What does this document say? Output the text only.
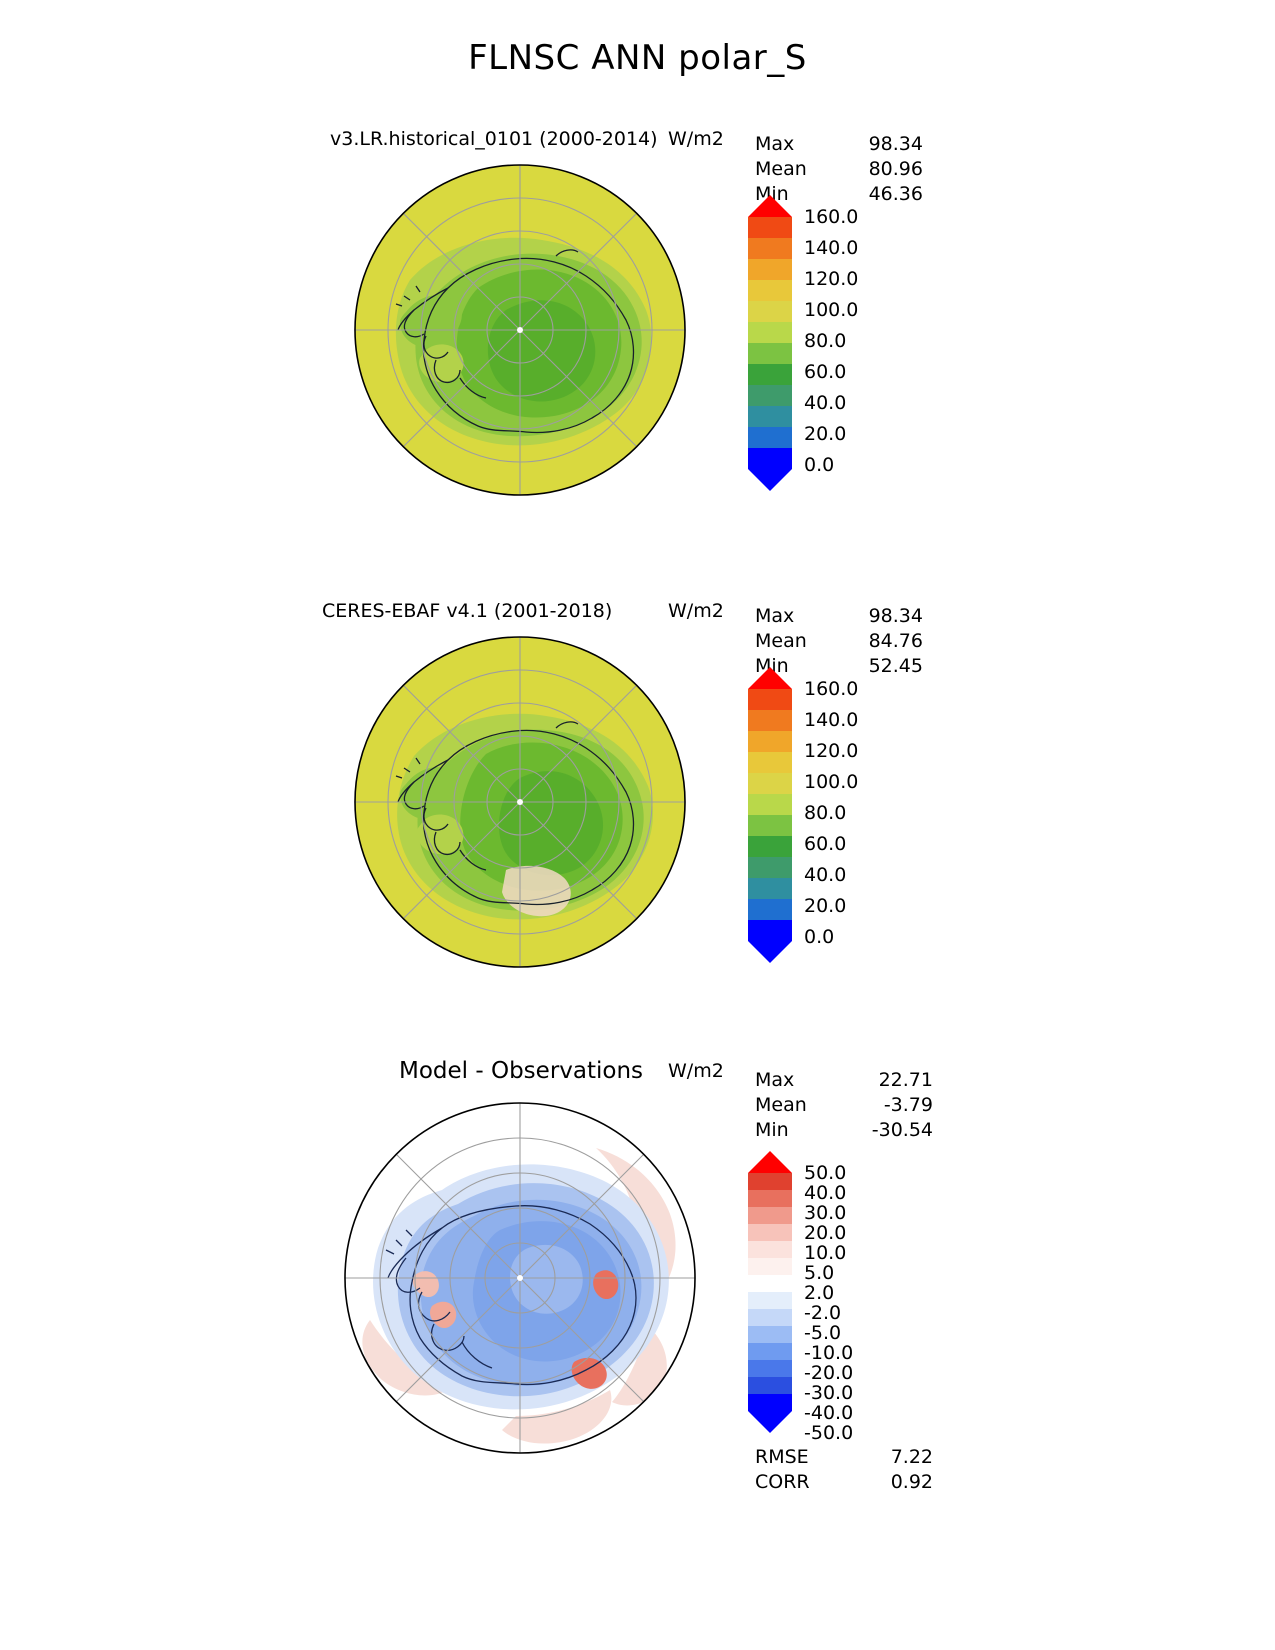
FLNSC ANN polar_S
v3.LR.historical_0101 (2000-2014) W/m2 Max	98.34
Mean	80.96
Min	46.36
160.0
140.0
120.0
100.0
80.0
60.0
40.0
20.0
0.0
CERES-EBAF v4.1 (2001-2018)	W/m2 Max	98.34
Mean	84.76
Min	52.45
160.0
140.0
120.0
100.0
80.0
60.0
40.0
20.0
0.0
Model - Observations W/m2 Max	22.71
Mean	-3.79
Min	-30.54
50.0
40.0
30.0
20.0
10.0
5.0
2.0
-2.0
-5.0
-10.0
-20.0
-30.0
-40.0
-50.0
RMSE	7.22
CORR	0.92
